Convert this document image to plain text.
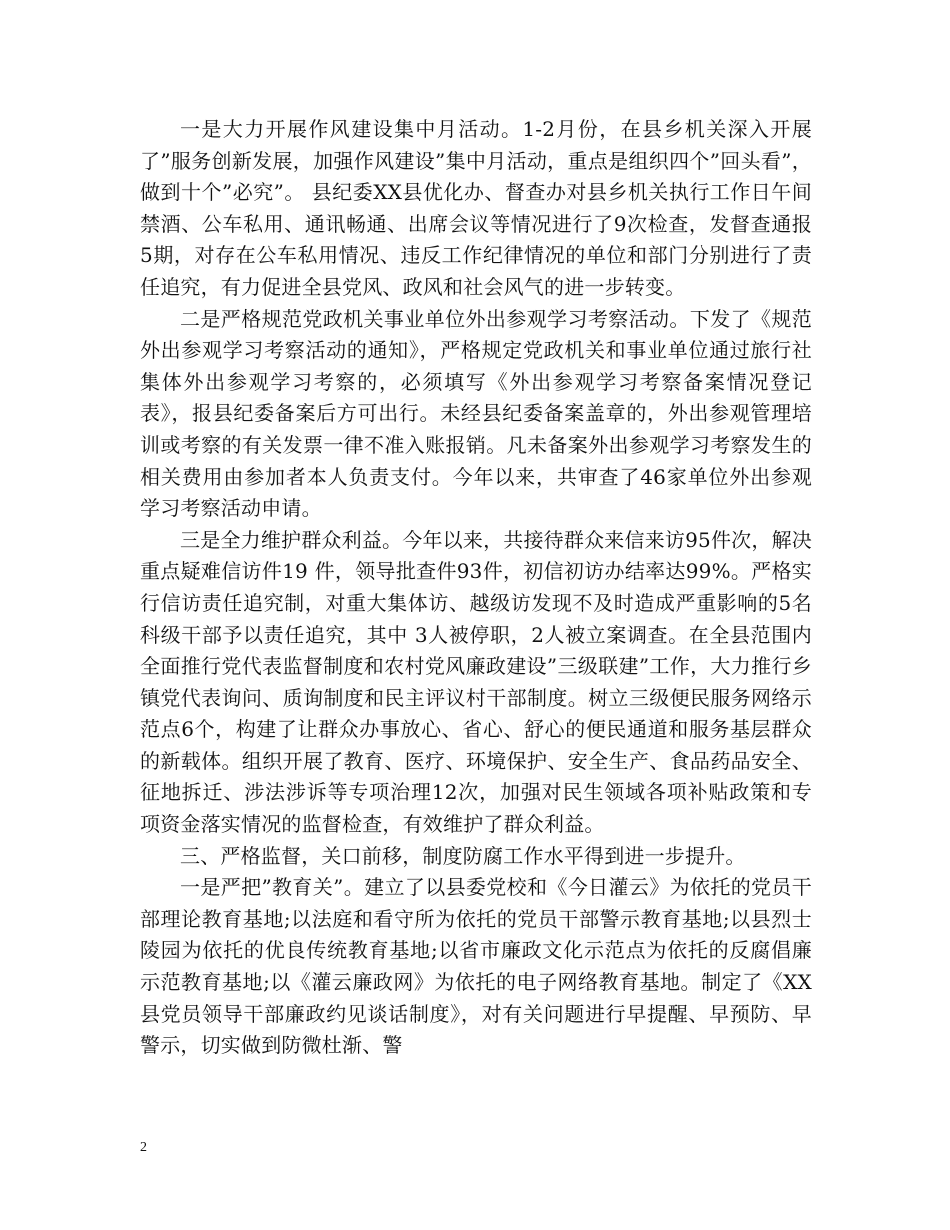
一是大力开展作风建设集中月活动。1-2月份，在县乡机关深入开展了”服务创新发展，加强作风建设”集中月活动，重点是组织四个”回头看”，做到十个”必究”。 县纪委XX县优化办、督查办对县乡机关执行工作日午间禁酒、公车私用、通讯畅通、出席会议等情况进行了9次检查，发督查通报5期，对存在公车私用情况、违反工作纪律情况的单位和部门分别进行了责任追究，有力促进全县党风、政风和社会风气的进一步转变。

二是严格规范党政机关事业单位外出参观学习考察活动。下发了《规范外出参观学习考察活动的通知》，严格规定党政机关和事业单位通过旅行社集体外出参观学习考察的，必须填写《外出参观学习考察备案情况登记表》，报县纪委备案后方可出行。未经县纪委备案盖章的，外出参观管理培训或考察的有关发票一律不准入账报销。凡未备案外出参观学习考察发生的相关费用由参加者本人负责支付。今年以来，共审查了46家单位外出参观学习考察活动申请。

三是全力维护群众利益。今年以来，共接待群众来信来访95件次，解决重点疑难信访件19 件，领导批查件93件，初信初访办结率达99%。严格实行信访责任追究制，对重大集体访、越级访发现不及时造成严重影响的5名科级干部予以责任追究，其中 3人被停职，2人被立案调查。在全县范围内全面推行党代表监督制度和农村党风廉政建设”三级联建”工作，大力推行乡镇党代表询问、质询制度和民主评议村干部制度。树立三级便民服务网络示范点6个，构建了让群众办事放心、省心、舒心的便民通道和服务基层群众的新载体。组织开展了教育、医疗、环境保护、安全生产、食品药品安全、征地拆迁、涉法涉诉等专项治理12次，加强对民生领域各项补贴政策和专项资金落实情况的监督检查，有效维护了群众利益。

三、严格监督，关口前移，制度防腐工作水平得到进一步提升。

一是严把”教育关”。建立了以县委党校和《今日灌云》为依托的党员干部理论教育基地;以法庭和看守所为依托的党员干部警示教育基地;以县烈士陵园为依托的优良传统教育基地;以省市廉政文化示范点为依托的反腐倡廉示范教育基地;以《灌云廉政网》为依托的电子网络教育基地。制定了《XX县党员领导干部廉政约见谈话制度》，对有关问题进行早提醒、早预防、早警示，切实做到防微杜渐、警

2
